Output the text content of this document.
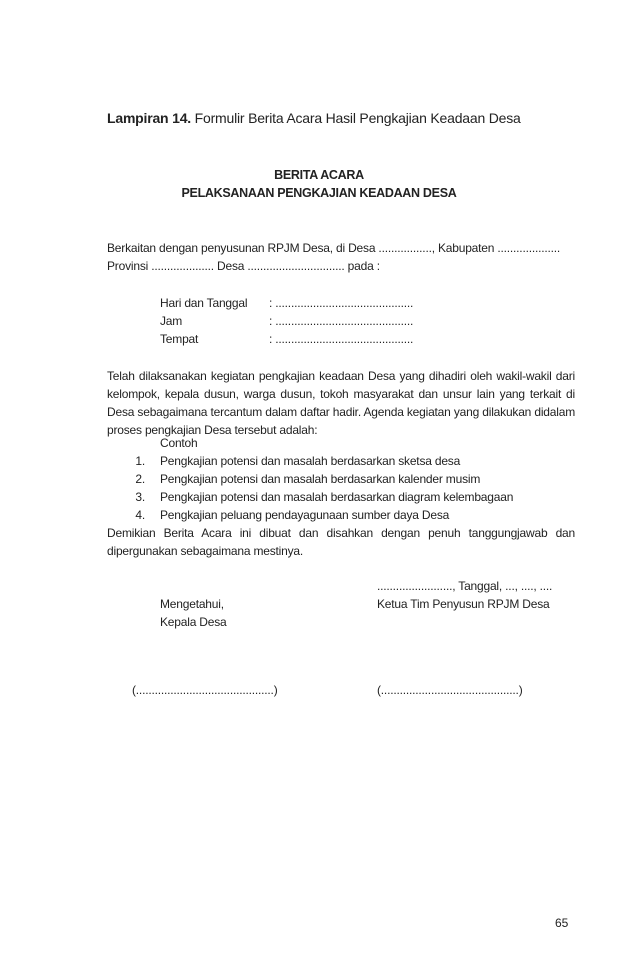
Lampiran 14. Formulir Berita Acara Hasil Pengkajian Keadaan Desa
BERITA ACARA
PELAKSANAAN PENGKAJIAN KEADAAN DESA
Berkaitan dengan penyusunan RPJM Desa, di Desa ................., Kabupaten ....................
Provinsi .................... Desa ............................... pada :
Hari dan Tanggal : ............................................
Jam	: ............................................
Tempat	: ............................................
Telah dilaksanakan kegiatan pengkajian keadaan Desa yang dihadiri oleh wakil-wakil dari kelompok, kepala dusun, warga dusun, tokoh masyarakat dan unsur lain yang terkait di Desa sebagaimana tercantum dalam daftar hadir. Agenda kegiatan yang dilakukan didalam proses pengkajian Desa tersebut adalah:
Contoh
1. Pengkajian potensi dan masalah berdasarkan sketsa desa
2. Pengkajian potensi dan masalah berdasarkan kalender musim
3. Pengkajian potensi dan masalah berdasarkan diagram kelembagaan
4. Pengkajian peluang pendayagunaan sumber daya Desa
Demikian Berita Acara ini dibuat dan disahkan dengan penuh tanggungjawab dan dipergunakan sebagaimana mestinya.
........................, Tanggal, ..., ...., ....
Mengetahui,	Ketua Tim Penyusun RPJM Desa
Kepala Desa
(............................................)	(............................................)
65
